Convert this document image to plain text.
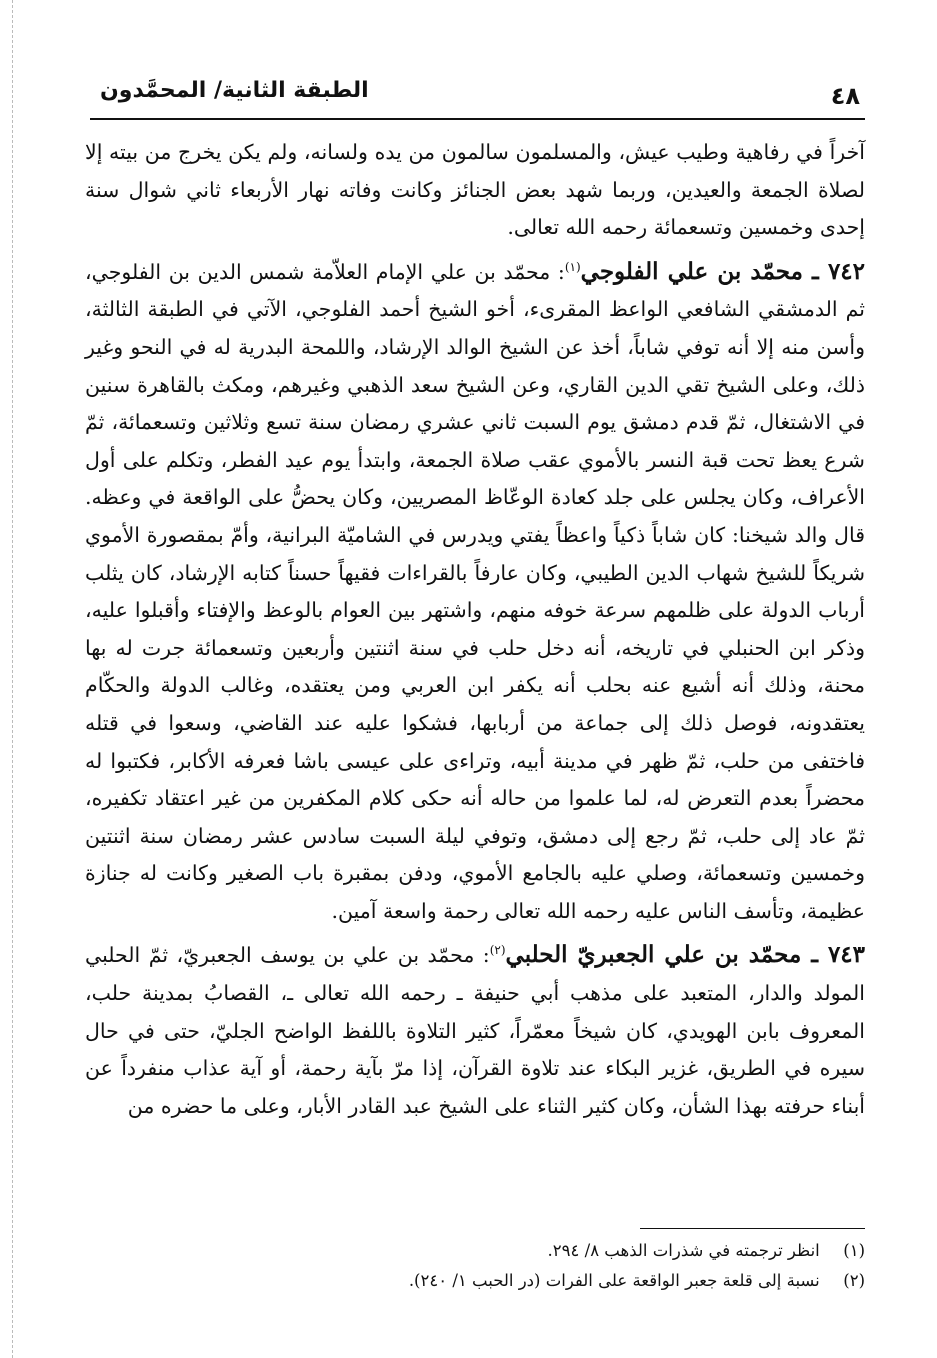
٤٨
الطبقة الثانية/ المحمَّدون

آخراً في رفاهية وطيب عيش، والمسلمون سالمون من يده ولسانه، ولم يكن يخرج من بيته إلا لصلاة الجمعة والعيدين، وربما شهد بعض الجنائز وكانت وفاته نهار الأربعاء ثاني شوال سنة إحدى وخمسين وتسعمائة رحمه الله تعالى.

٧٤٢ ـ محمّد بن علي الفلوجي$^{(١)}$: محمّد بن علي الإمام العلاّمة شمس الدين بن الفلوجي، ثم الدمشقي الشافعي الواعظ المقرىء، أخو الشيخ أحمد الفلوجي، الآتي في الطبقة الثالثة، وأسن منه إلا أنه توفي شاباً، أخذ عن الشيخ الوالد الإرشاد، واللمحة البدرية له في النحو وغير ذلك، وعلى الشيخ تقي الدين القاري، وعن الشيخ سعد الذهبي وغيرهم، ومكث بالقاهرة سنين في الاشتغال، ثمّ قدم دمشق يوم السبت ثاني عشري رمضان سنة تسع وثلاثين وتسعمائة، ثمّ شرع يعظ تحت قبة النسر بالأموي عقب صلاة الجمعة، وابتدأ يوم عيد الفطر، وتكلم على أول الأعراف، وكان يجلس على جلد كعادة الوعّاظ المصريين، وكان يحضُّ على الواقعة في وعظه. قال والد شيخنا: كان شاباً ذكياً واعظاً يفتي ويدرس في الشاميّة البرانية، وأمّ بمقصورة الأموي شريكاً للشيخ شهاب الدين الطيبي، وكان عارفاً بالقراءات فقيهاً حسناً كتابه الإرشاد، كان يثلب أرباب الدولة على ظلمهم سرعة خوفه منهم، واشتهر بين العوام بالوعظ والإفتاء وأقبلوا عليه، وذكر ابن الحنبلي في تاريخه، أنه دخل حلب في سنة اثنتين وأربعين وتسعمائة جرت له بها محنة، وذلك أنه أشيع عنه بحلب أنه يكفر ابن العربي ومن يعتقده، وغالب الدولة والحكّام يعتقدونه، فوصل ذلك إلى جماعة من أربابها، فشكوا عليه عند القاضي، وسعوا في قتله فاختفى من حلب، ثمّ ظهر في مدينة أبيه، وتراءى على عيسى باشا فعرفه الأكابر، فكتبوا له محضراً بعدم التعرض له، لما علموا من حاله أنه حكى كلام المكفرين من غير اعتقاد تكفيره، ثمّ عاد إلى حلب، ثمّ رجع إلى دمشق، وتوفي ليلة السبت سادس عشر رمضان سنة اثنتين وخمسين وتسعمائة، وصلي عليه بالجامع الأموي، ودفن بمقبرة باب الصغير وكانت له جنازة عظيمة، وتأسف الناس عليه رحمه الله تعالى رحمة واسعة آمين.

٧٤٣ ـ محمّد بن علي الجعبريّ الحلبي$^{(٢)}$: محمّد بن علي بن يوسف الجعبريّ، ثمّ الحلبي المولد والدار، المتعبد على مذهب أبي حنيفة ـ رحمه الله تعالى ـ، القصابُ بمدينة حلب، المعروف بابن الهويدي، كان شيخاً معمّراً، كثير التلاوة باللفظ الواضح الجليّ، حتى في حال سيره في الطريق، غزير البكاء عند تلاوة القرآن، إذا مرّ بآية رحمة، أو آية عذاب منفرداً عن أبناء حرفته بهذا الشأن، وكان كثير الثناء على الشيخ عبد القادر الأبار، وعلى ما حضره من

(١) انظر ترجمته في شذرات الذهب ٨/ ٢٩٤.

(٢) نسبة إلى قلعة جعبر الواقعة على الفرات (در الحبب ١/ ٢٤٠).
